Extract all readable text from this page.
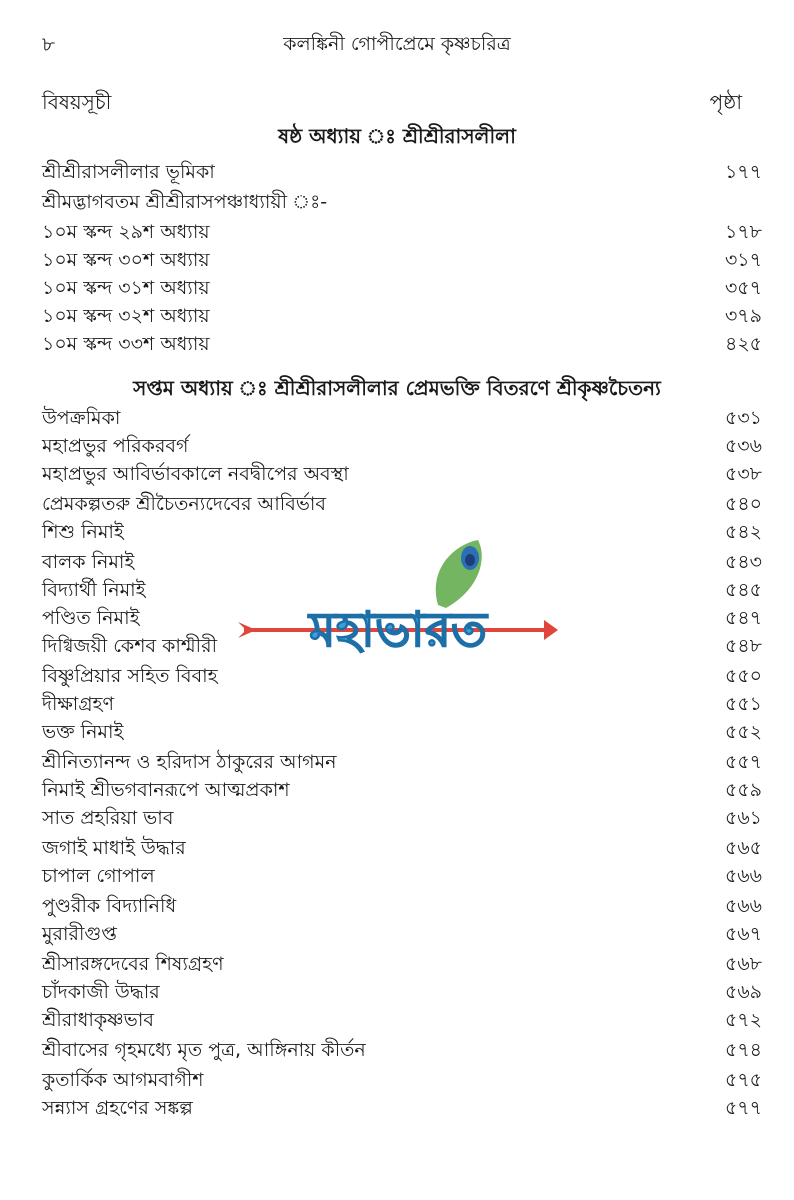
৮	কলঙ্কিনী গোপীপ্রেমে কৃষ্ণচরিত্র
বিষয়সূচী	পৃষ্ঠা
ষষ্ঠ অধ্যায় ঃ শ্রীশ্রীরাসলীলা
শ্রীশ্রীরাসলীলার ভূমিকা	১৭৭
শ্রীমদ্ভাগবতম শ্রীশ্রীরাসপঞ্চাধ্যায়ী ঃ-
১০ম স্কন্দ ২৯শ অধ্যায়	১৭৮
১০ম স্কন্দ ৩০শ অধ্যায়	৩১৭
১০ম স্কন্দ ৩১শ অধ্যায়	৩৫৭
১০ম স্কন্দ ৩২শ অধ্যায়	৩৭৯
১০ম স্কন্দ ৩৩শ অধ্যায়	৪২৫
সপ্তম অধ্যায় ঃ শ্রীশ্রীরাসলীলার প্রেমভক্তি বিতরণে শ্রীকৃষ্ণচৈতন্য
উপক্রমিকা	৫৩১
মহাপ্রভুর পরিকরবর্গ	৫৩৬
মহাপ্রভুর আবির্ভাবকালে নবদ্বীপের অবস্থা	৫৩৮
প্রেমকল্পতরু শ্রীচৈতন্যদেবের আবির্ভাব	৫৪০
শিশু নিমাই	৫৪২
বালক নিমাই	৫৪৩
বিদ্যার্থী নিমাই	৫৪৫
পণ্ডিত নিমাই	৫৪৭
দিগ্বিজয়ী কেশব কাশ্মীরী	৫৪৮
বিষ্ণুপ্রিয়ার সহিত বিবাহ	৫৫০
দীক্ষাগ্রহণ	৫৫১
ভক্ত নিমাই	৫৫২
শ্রীনিত্যানন্দ ও হরিদাস ঠাকুরের আগমন	৫৫৭
নিমাই শ্রীভগবানরূপে আত্মপ্রকাশ	৫৫৯
সাত প্রহরিয়া ভাব	৫৬১
জগাই মাধাই উদ্ধার	৫৬৫
চাপাল গোপাল	৫৬৬
পুণ্ডরীক বিদ্যানিধি	৫৬৬
মুরারীগুপ্ত	৫৬৭
শ্রীসারঙ্গদেবের শিষ্যগ্রহণ	৫৬৮
চাঁদকাজী উদ্ধার	৫৬৯
শ্রীরাধাকৃষ্ণভাব	৫৭২
শ্রীবাসের গৃহমধ্যে মৃত পুত্র, আঙ্গিনায় কীর্তন	৫৭৪
কুতার্কিক আগমবাগীশ	৫৭৫
সন্ন্যাস গ্রহণের সঙ্কল্প	৫৭৭
মহাভারত
